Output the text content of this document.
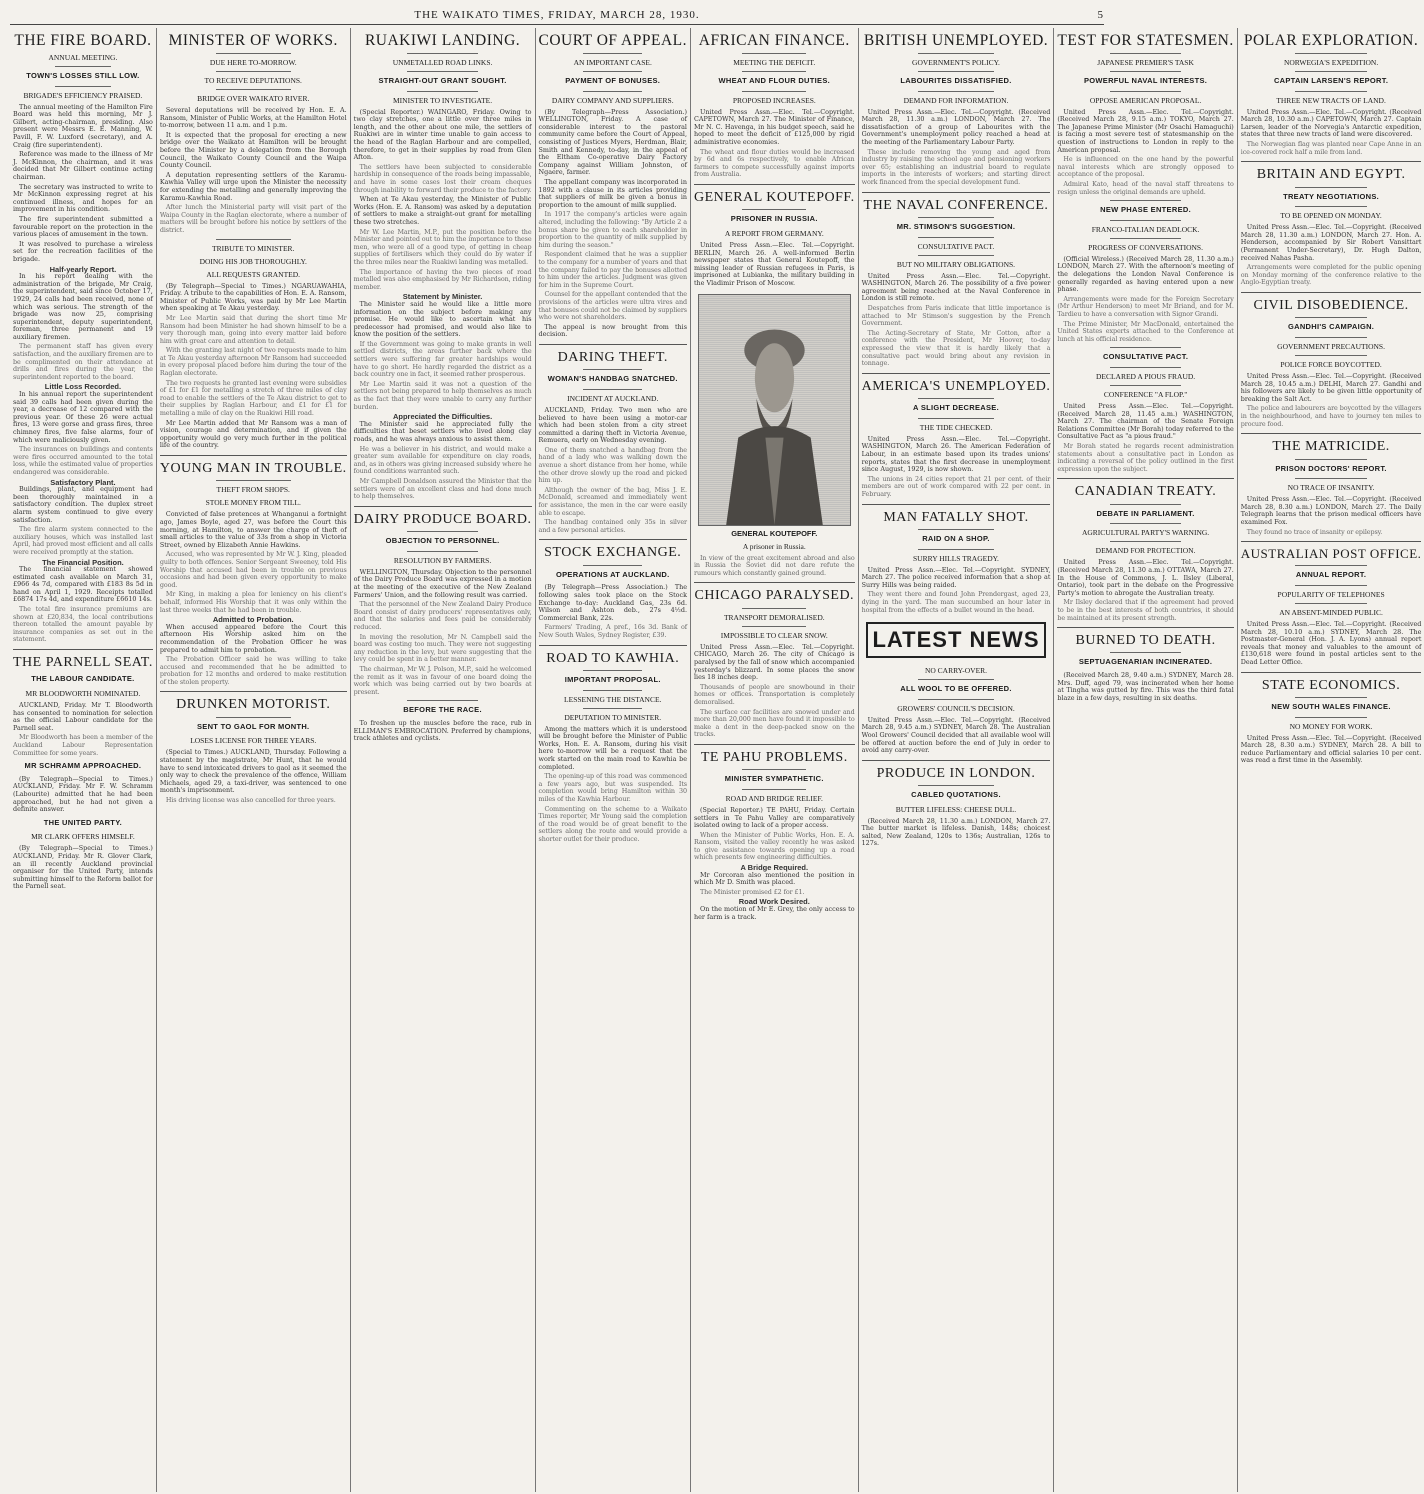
THE WAIKATO TIMES, FRIDAY, MARCH 28, 1930.	5
THE FIRE BOARD.
ANNUAL MEETING.
TOWN'S LOSSES STILL LOW.
BRIGADE'S EFFICIENCY PRAISED.

The annual meeting of the Hamilton Fire Board was held this morning, Mr J. Gilbert, acting-chairman, presiding. Also present were Messrs E. E. Manning, W. Pavill, F. W. Luxford (secretary), and A. Craig (fire superintendent).

Reference was made to the illness of Mr J. McKinnon, the chairman, and it was decided that Mr Gilbert continue acting chairman.

The secretary was instructed to write to Mr McKinnon expressing regret at his continued illness, and hopes for an improvement in his condition.

The fire superintendent submitted a favourable report on the protection in the various places of amusement in the town.

It was resolved to purchase a wireless set for the recreation facilities of the brigade.

Half-yearly Report.

In his report dealing with the administration of the brigade, Mr Craig, the superintendent, said since October 17, 1929, 24 calls had been received, none of which was serious. The strength of the brigade was now 25, comprising superintendent, deputy superintendent, foreman, three permanent and 19 auxiliary firemen.

The permanent staff has given every satisfaction, and the auxiliary firemen are to be complimented on their attendance at drills and fires during the year, the superintendent reported to the board.

Little Loss Recorded.

In his annual report the superintendent said 39 calls had been given during the year, a decrease of 12 compared with the previous year. Of these 26 were actual fires, 13 were gorse and grass fires, three chimney fires, five false alarms, four of which were maliciously given.

The insurances on buildings and contents were fires occurred amounted to the total loss, while the estimated value of properties endangered was considerable.

Satisfactory Plant.

Buildings, plant, and equipment had been thoroughly maintained in a satisfactory condition. The duplex street alarm system continued to give every satisfaction.

The fire alarm system connected to the auxiliary houses, which was installed last April, had proved most efficient and all calls were received promptly at the station.

The Financial Position.

The financial statement showed estimated cash available on March 31, £966 4s 7d, compared with £183 8s 5d in hand on April 1, 1929. Receipts totalled £6874 17s 4d, and expenditure £6610 14s.

The total fire insurance premiums are shown at £20,834, the local contributions thereon totalled the amount payable by insurance companies as set out in the statement.

THE PARNELL SEAT.
THE LABOUR CANDIDATE.
MR BLOODWORTH NOMINATED.

AUCKLAND, Friday. Mr T. Bloodworth has consented to nomination for selection as the official Labour candidate for the Parnell seat.

Mr Bloodworth has been a member of the Auckland Labour Representation Committee for some years.

MR SCHRAMM APPROACHED.

(By Telegraph—Special to Times.) AUCKLAND, Friday. Mr F. W. Schramm (Labourite) admitted that he had been approached, but he had not given a definite answer.

THE UNITED PARTY.
MR CLARK OFFERS HIMSELF.

(By Telegraph—Special to Times.) AUCKLAND, Friday. Mr R. Glover Clark, an ill recently Auckland provincial organiser for the United Party, intends submitting himself to the Reform ballot for the Parnell seat.

MINISTER OF WORKS.
DUE HERE TO-MORROW.
TO RECEIVE DEPUTATIONS.
BRIDGE OVER WAIKATO RIVER.

Several deputations will be received by Hon. E. A. Ransom, Minister of Public Works, at the Hamilton Hotel to-morrow, between 11 a.m. and 1 p.m.

It is expected that the proposal for erecting a new bridge over the Waikato at Hamilton will be brought before the Minister by a delegation from the Borough Council, the Waikato County Council and the Waipa County Council.

A deputation representing settlers of the Karamu-Kawhia Valley will urge upon the Minister the necessity for extending the metalling and generally improving the Karamu-Kawhia Road.

After lunch the Ministerial party will visit part of the Waipa County in the Raglan electorate, where a number of matters will be brought before his notice by settlers of the district.

TRIBUTE TO MINISTER.
DOING HIS JOB THOROUGHLY.
ALL REQUESTS GRANTED.

(By Telegraph—Special to Times.) NGARUAWAHIA, Friday. A tribute to the capabilities of Hon. E. A. Ransom, Minister of Public Works, was paid by Mr Lee Martin when speaking at Te Akau yesterday.

Mr Lee Martin said that during the short time Mr Ransom had been Minister he had shown himself to be a very thorough man, going into every matter laid before him with great care and attention to detail.

With the granting last night of two requests made to him at Te Akau yesterday afternoon Mr Ransom had succeeded in every proposal placed before him during the tour of the Raglan electorate.

The two requests he granted last evening were subsidies of £1 for £1 for metalling a stretch of three miles of clay road to enable the settlers of the Te Akau district to get to their supplies by Raglan Harbour, and £1 for £1 for metalling a mile of clay on the Ruakiwi Hill road.

Mr Lee Martin added that Mr Ransom was a man of vision, courage and determination, and if given the opportunity would go very much further in the political life of the country.

YOUNG MAN IN TROUBLE.
THEFT FROM SHOPS.
STOLE MONEY FROM TILL.

Convicted of false pretences at Whanganui a fortnight ago, James Boyle, aged 27, was before the Court this morning, at Hamilton, to answer the charge of theft of small articles to the value of 33s from a shop in Victoria Street, owned by Elizabeth Annie Hawkins.

Accused, who was represented by Mr W. J. King, pleaded guilty to both offences. Senior Sergeant Sweeney, told His Worship that accused had been in trouble on previous occasions and had been given every opportunity to make good.

Mr King, in making a plea for leniency on his client's behalf, informed His Worship that it was only within the last three weeks that he had been in trouble.

Admitted to Probation.

When accused appeared before the Court this afternoon His Worship asked him on the recommendation of the Probation Officer he was prepared to admit him to probation.

The Probation Officer said he was willing to take accused and recommended that he be admitted to probation for 12 months and ordered to make restitution of the stolen property.

DRUNKEN MOTORIST.
SENT TO GAOL FOR MONTH.
LOSES LICENSE FOR THREE YEARS.

(Special to Times.) AUCKLAND, Thursday. Following a statement by the magistrate, Mr Hunt, that he would have to send intoxicated drivers to gaol as it seemed the only way to check the prevalence of the offence, William Michaels, aged 29, a taxi-driver, was sentenced to one month's imprisonment.

His driving license was also cancelled for three years.

RUAKIWI LANDING.
UNMETALLED ROAD LINKS.
STRAIGHT-OUT GRANT SOUGHT.
MINISTER TO INVESTIGATE.

(Special Reporter.) WAINGARO, Friday. Owing to two clay stretches, one a little over three miles in length, and the other about one mile, the settlers of Ruakiwi are in winter time unable to gain access to the head of the Raglan Harbour and are compelled, therefore, to get in their supplies by road from Glen Afton.

The settlers have been subjected to considerable hardship in consequence of the roads being impassable, and have in some cases lost their cream cheques through inability to forward their produce to the factory.

When at Te Akau yesterday, the Minister of Public Works (Hon. E. A. Ransom) was asked by a deputation of settlers to make a straight-out grant for metalling these two stretches.

Mr W. Lee Martin, M.P., put the position before the Minister and pointed out to him the importance to these men, who were all of a good type, of getting in cheap supplies of fertilisers which they could do by water if the three miles near the Ruakiwi landing was metalled.

The importance of having the two pieces of road metalled was also emphasised by Mr Richardson, riding member.

Statement by Minister.

The Minister said he would like a little more information on the subject before making any promise. He would like to ascertain what his predecessor had promised, and would also like to know the position of the settlers.

If the Government was going to make grants in well settled districts, the areas further back where the settlers were suffering far greater hardships would have to go short. He hardly regarded the district as a back country one in fact, it seemed rather prosperous.

Mr Lee Martin said it was not a question of the settlers not being prepared to help themselves as much as the fact that they were unable to carry any further burden.

Appreciated the Difficulties.

The Minister said he appreciated fully the difficulties that beset settlers who lived along clay roads, and he was always anxious to assist them.

He was a believer in his district, and would make a greater sum available for expenditure on clay roads, and, as in others was giving increased subsidy where he found conditions warranted such.

Mr Campbell Donaldson assured the Minister that the settlers were of an excellent class and had done much to help themselves.

DAIRY PRODUCE BOARD.
OBJECTION TO PERSONNEL.
RESOLUTION BY FARMERS.

WELLINGTON, Thursday. Objection to the personnel of the Dairy Produce Board was expressed in a motion at the meeting of the executive of the New Zealand Farmers' Union, and the following result was carried.

That the personnel of the New Zealand Dairy Produce Board consist of dairy producers' representatives only, and that the salaries and fees paid be considerably reduced.

In moving the resolution, Mr N. Campbell said the board was costing too much. They were not suggesting any reduction in the levy, but were suggesting that the levy could be spent in a better manner.

The chairman, Mr W. J. Polson, M.P., said he welcomed the remit as it was in favour of one board doing the work which was being carried out by two boards at present.

BEFORE THE RACE.

To freshen up the muscles before the race, rub in ELLIMAN'S EMBROCATION. Preferred by champions, track athletes and cyclists.

COURT OF APPEAL.
AN IMPORTANT CASE.
PAYMENT OF BONUSES.
DAIRY COMPANY AND SUPPLIERS.

(By Telegraph—Press Association.) WELLINGTON, Friday. A case of considerable interest to the pastoral community came before the Court of Appeal, consisting of Justices Myers, Herdman, Blair, Smith and Kennedy, to-day, in the appeal of the Eltham Co-operative Dairy Factory Company against William Johnston, of Ngaere, farmer.

The appellant company was incorporated in 1892 with a clause in its articles providing that suppliers of milk be given a bonus in proportion to the amount of milk supplied.

In 1917 the company's articles were again altered, including the following: "By Article 2 a bonus share be given to each shareholder in proportion to the quantity of milk supplied by him during the season."

Respondent claimed that he was a supplier to the company for a number of years and that the company failed to pay the bonuses allotted to him under the articles. Judgment was given for him in the Supreme Court.

Counsel for the appellant contended that the provisions of the articles were ultra vires and that bonuses could not be claimed by suppliers who were not shareholders.

The appeal is now brought from this decision.

DARING THEFT.
WOMAN'S HANDBAG SNATCHED.
INCIDENT AT AUCKLAND.

AUCKLAND, Friday. Two men who are believed to have been using a motor-car which had been stolen from a city street committed a daring theft in Victoria Avenue, Remuera, early on Wednesday evening.

One of them snatched a handbag from the hand of a lady who was walking down the avenue a short distance from her home, while the other drove slowly up the road and picked him up.

Although the owner of the bag, Miss J. E. McDonald, screamed and immediately went for assistance, the men in the car were easily able to escape.

The handbag contained only 35s in silver and a few personal articles.

STOCK EXCHANGE.
OPERATIONS AT AUCKLAND.

(By Telegraph—Press Association.) The following sales took place on the Stock Exchange to-day: Auckland Gas, 23s 6d. Wilson and Ashton deb., 27s 4½d. Commercial Bank, 22s.

Farmers' Trading, A pref., 16s 3d. Bank of New South Wales, Sydney Register, £39.

ROAD TO KAWHIA.
IMPORTANT PROPOSAL.
LESSENING THE DISTANCE.
DEPUTATION TO MINISTER.

Among the matters which it is understood will be brought before the Minister of Public Works, Hon. E. A. Ransom, during his visit here to-morrow will be a request that the work started on the main road to Kawhia be completed.

The opening-up of this road was commenced a few years ago, but was suspended. Its completion would bring Hamilton within 30 miles of the Kawhia Harbour.

Commenting on the scheme to a Waikato Times reporter, Mr Young said the completion of the road would be of great benefit to the settlers along the route and would provide a shorter outlet for their produce.

AFRICAN FINANCE.
MEETING THE DEFICIT.
WHEAT AND FLOUR DUTIES.
PROPOSED INCREASES.

United Press Assn.—Elec. Tel.—Copyright. CAPETOWN, March 27. The Minister of Finance, Mr N. C. Havenga, in his budget speech, said he hoped to meet the deficit of £125,000 by rigid administrative economies.

The wheat and flour duties would be increased by 6d and 6s respectively, to enable African farmers to compete successfully against imports from Australia.

GENERAL KOUTEPOFF.
PRISONER IN RUSSIA.
A REPORT FROM GERMANY.

United Press Assn.—Elec. Tel.—Copyright. BERLIN, March 26. A well-informed Berlin newspaper states that General Koutepoff, the missing leader of Russian refugees in Paris, is imprisoned at Lubianka, the military building in the Vladimir Prison of Moscow.

GENERAL KOUTEPOFF.
A prisoner in Russia.

In view of the great excitement abroad and also in Russia the Soviet did not dare refute the rumours which constantly gained ground.

CHICAGO PARALYSED.
TRANSPORT DEMORALISED.
IMPOSSIBLE TO CLEAR SNOW.

United Press Assn.—Elec. Tel.—Copyright. CHICAGO, March 26. The city of Chicago is paralysed by the fall of snow which accompanied yesterday's blizzard. In some places the snow lies 18 inches deep.

Thousands of people are snowbound in their homes or offices. Transportation is completely demoralised.

The surface car facilities are snowed under and more than 20,000 men have found it impossible to make a dent in the deep-packed snow on the tracks.

TE PAHU PROBLEMS.
MINISTER SYMPATHETIC.
ROAD AND BRIDGE RELIEF.

(Special Reporter.) TE PAHU, Friday. Certain settlers in Te Pahu Valley are comparatively isolated owing to lack of a proper access.

When the Minister of Public Works, Hon. E. A. Ransom, visited the valley recently he was asked to give assistance towards opening up a road which presents few engineering difficulties.

A Bridge Required.

Mr Corcoran also mentioned the position in which Mr D. Smith was placed.

The Minister promised £2 for £1.

Road Work Desired.

On the motion of Mr E. Grey, the only access to her farm is a track.

BRITISH UNEMPLOYED.
GOVERNMENT'S POLICY.
LABOURITES DISSATISFIED.
DEMAND FOR INFORMATION.

United Press Assn.—Elec. Tel.—Copyright. (Received March 28, 11.30 a.m.) LONDON, March 27. The dissatisfaction of a group of Labourites with the Government's unemployment policy reached a head at the meeting of the Parliamentary Labour Party.

These include removing the young and aged from industry by raising the school age and pensioning workers over 65; establishing an industrial board to regulate imports in the interests of workers; and starting direct work financed from the special development fund.

THE NAVAL CONFERENCE.
MR. STIMSON'S SUGGESTION.
CONSULTATIVE PACT.
BUT NO MILITARY OBLIGATIONS.

United Press Assn.—Elec. Tel.—Copyright. WASHINGTON, March 26. The possibility of a five power agreement being reached at the Naval Conference in London is still remote.

Despatches from Paris indicate that little importance is attached to Mr Stimson's suggestion by the French Government.

The Acting-Secretary of State, Mr Cotton, after a conference with the President, Mr Hoover, to-day expressed the view that it is hardly likely that a consultative pact would bring about any revision in tonnage.

AMERICA'S UNEMPLOYED.
A SLIGHT DECREASE.
THE TIDE CHECKED.

United Press Assn.—Elec. Tel.—Copyright. WASHINGTON, March 26. The American Federation of Labour, in an estimate based upon its trades unions' reports, states that the first decrease in unemployment since August, 1929, is now shown.

The unions in 24 cities report that 21 per cent. of their members are out of work compared with 22 per cent. in February.

MAN FATALLY SHOT.
RAID ON A SHOP.
SURRY HILLS TRAGEDY.

United Press Assn.—Elec. Tel.—Copyright. SYDNEY, March 27. The police received information that a shop at Surry Hills was being raided.

They went there and found John Prendergast, aged 23, dying in the yard. The man succumbed an hour later in hospital from the effects of a bullet wound in the head.

LATEST NEWS
NO CARRY-OVER.
ALL WOOL TO BE OFFERED.
GROWERS' COUNCIL'S DECISION.

United Press Assn.—Elec. Tel.—Copyright. (Received March 28, 9.45 a.m.) SYDNEY, March 28. The Australian Wool Growers' Council decided that all available wool will be offered at auction before the end of July in order to avoid any carry-over.

PRODUCE IN LONDON.
CABLED QUOTATIONS.
BUTTER LIFELESS: CHEESE DULL.

(Received March 28, 11.30 a.m.) LONDON, March 27. The butter market is lifeless. Danish, 148s; choicest salted, New Zealand, 120s to 136s; Australian, 126s to 127s.

TEST FOR STATESMEN.
JAPANESE PREMIER'S TASK
POWERFUL NAVAL INTERESTS.
OPPOSE AMERICAN PROPOSAL.

United Press Assn.—Elec. Tel.—Copyright. (Received March 28, 9.15 a.m.) TOKYO, March 27. The Japanese Prime Minister (Mr Osachi Hamaguchi) is facing a most severe test of statesmanship on the question of instructions to London in reply to the American proposal.

He is influenced on the one hand by the powerful naval interests which are strongly opposed to acceptance of the proposal.

Admiral Kato, head of the naval staff threatens to resign unless the original demands are upheld.

NEW PHASE ENTERED.
FRANCO-ITALIAN DEADLOCK.
PROGRESS OF CONVERSATIONS.

(Official Wireless.) (Received March 28, 11.30 a.m.) LONDON, March 27. With the afternoon's meeting of the delegations the London Naval Conference is generally regarded as having entered upon a new phase.

Arrangements were made for the Foreign Secretary (Mr Arthur Henderson) to meet Mr Briand, and for M. Tardieu to have a conversation with Signor Grandi.

The Prime Minister, Mr MacDonald, entertained the United States experts attached to the Conference at lunch at his official residence.

CONSULTATIVE PACT.
DECLARED A PIOUS FRAUD.
CONFERENCE "A FLOP."

United Press Assn.—Elec. Tel.—Copyright. (Received March 28, 11.45 a.m.) WASHINGTON, March 27. The chairman of the Senate Foreign Relations Committee (Mr Borah) today referred to the Consultative Pact as "a pious fraud."

Mr Borah stated he regards recent administration statements about a consultative pact in London as indicating a reversal of the policy outlined in the first expression upon the subject.

CANADIAN TREATY.
DEBATE IN PARLIAMENT.
AGRICULTURAL PARTY'S WARNING.
DEMAND FOR PROTECTION.

United Press Assn.—Elec. Tel.—Copyright. (Received March 28, 11.30 a.m.) OTTAWA, March 27. In the House of Commons, J. L. Ilsley (Liberal, Ontario), took part in the debate on the Progressive Party's motion to abrogate the Australian treaty.

Mr Ilsley declared that if the agreement had proved to be in the best interests of both countries, it should be maintained at its present strength.

BURNED TO DEATH.
SEPTUAGENARIAN INCINERATED.

(Received March 28, 9.40 a.m.) SYDNEY, March 28. Mrs. Duff, aged 79, was incinerated when her home at Tingha was gutted by fire. This was the third fatal blaze in a few days, resulting in six deaths.

POLAR EXPLORATION.
NORWEGIA'S EXPEDITION.
CAPTAIN LARSEN'S REPORT.
THREE NEW TRACTS OF LAND.

United Press Assn.—Elec. Tel.—Copyright. (Received March 28, 10.30 a.m.) CAPETOWN, March 27. Captain Larsen, leader of the Norvegia's Antarctic expedition, states that three new tracts of land were discovered.

The Norwegian flag was planted near Cape Anne in an ice-covered rock half a mile from land.

BRITAIN AND EGYPT.
TREATY NEGOTIATIONS.
TO BE OPENED ON MONDAY.

United Press Assn.—Elec. Tel.—Copyright. (Received March 28, 11.30 a.m.) LONDON, March 27. Hon. A. Henderson, accompanied by Sir Robert Vansittart (Permanent Under-Secretary), Dr. Hugh Dalton, received Nahas Pasha.

Arrangements were completed for the public opening on Monday morning of the conference relative to the Anglo-Egyptian treaty.

CIVIL DISOBEDIENCE.
GANDHI'S CAMPAIGN.
GOVERNMENT PRECAUTIONS.
POLICE FORCE BOYCOTTED.

United Press Assn.—Elec. Tel.—Copyright. (Received March 28, 10.45 a.m.) DELHI, March 27. Gandhi and his followers are likely to be given little opportunity of breaking the Salt Act.

The police and labourers are boycotted by the villagers in the neighbourhood, and have to journey ten miles to procure food.

THE MATRICIDE.
PRISON DOCTORS' REPORT.
NO TRACE OF INSANITY.

United Press Assn.—Elec. Tel.—Copyright. (Received March 28, 8.30 a.m.) LONDON, March 27. The Daily Telegraph learns that the prison medical officers have examined Fox.

They found no trace of insanity or epilepsy.

AUSTRALIAN POST OFFICE.
ANNUAL REPORT.
POPULARITY OF TELEPHONES
AN ABSENT-MINDED PUBLIC.

United Press Assn.—Elec. Tel.—Copyright. (Received March 28, 10.10 a.m.) SYDNEY, March 28. The Postmaster-General (Hon. J. A. Lyons) annual report reveals that money and valuables to the amount of £130,618 were found in postal articles sent to the Dead Letter Office.

STATE ECONOMICS.
NEW SOUTH WALES FINANCE.
NO MONEY FOR WORK.

United Press Assn.—Elec. Tel.—Copyright. (Received March 28, 8.30 a.m.) SYDNEY, March 28. A bill to reduce Parliamentary and official salaries 10 per cent. was read a first time in the Assembly.
